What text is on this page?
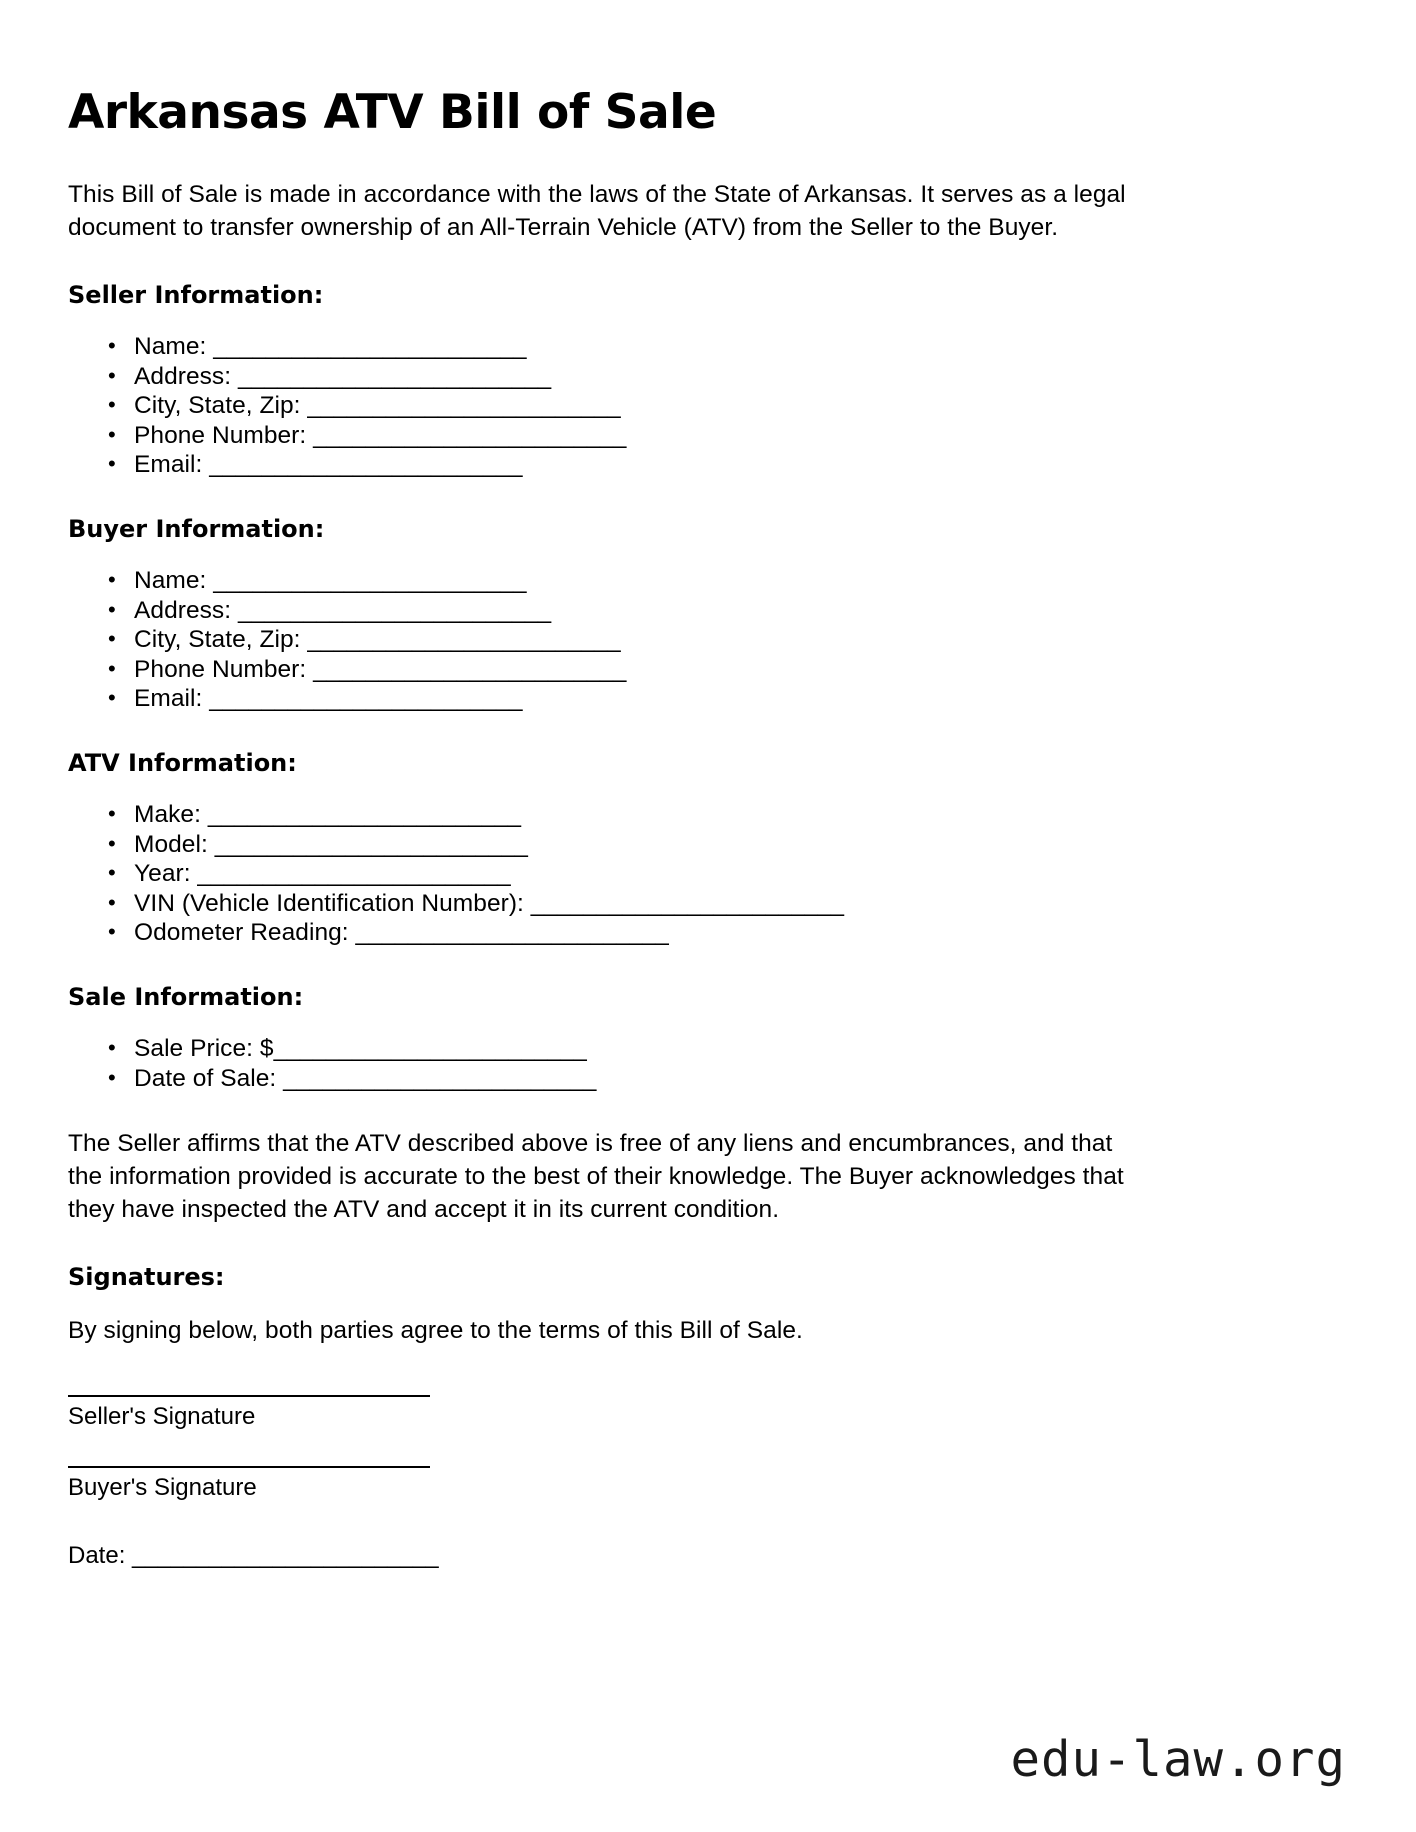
Arkansas ATV Bill of Sale

This Bill of Sale is made in accordance with the laws of the State of Arkansas. It serves as a legal document to transfer ownership of an All-Terrain Vehicle (ATV) from the Seller to the Buyer.

Seller Information:
• Name: ________________________
• Address: ________________________
• City, State, Zip: ________________________
• Phone Number: ________________________
• Email: ________________________
Buyer Information:
• Name: ________________________
• Address: ________________________
• City, State, Zip: ________________________
• Phone Number: ________________________
• Email: ________________________
ATV Information:
• Make: ________________________
• Model: ________________________
• Year: ________________________
• VIN (Vehicle Identification Number): ________________________
• Odometer Reading: ________________________
Sale Information:
• Sale Price: $________________________
• Date of Sale: ________________________

The Seller affirms that the ATV described above is free of any liens and encumbrances, and that the information provided is accurate to the best of their knowledge. The Buyer acknowledges that they have inspected the ATV and accept it in its current condition.

Signatures:

By signing below, both parties agree to the terms of this Bill of Sale.

Seller's Signature
Buyer's Signature
Date: ________________________
edu-law.org
